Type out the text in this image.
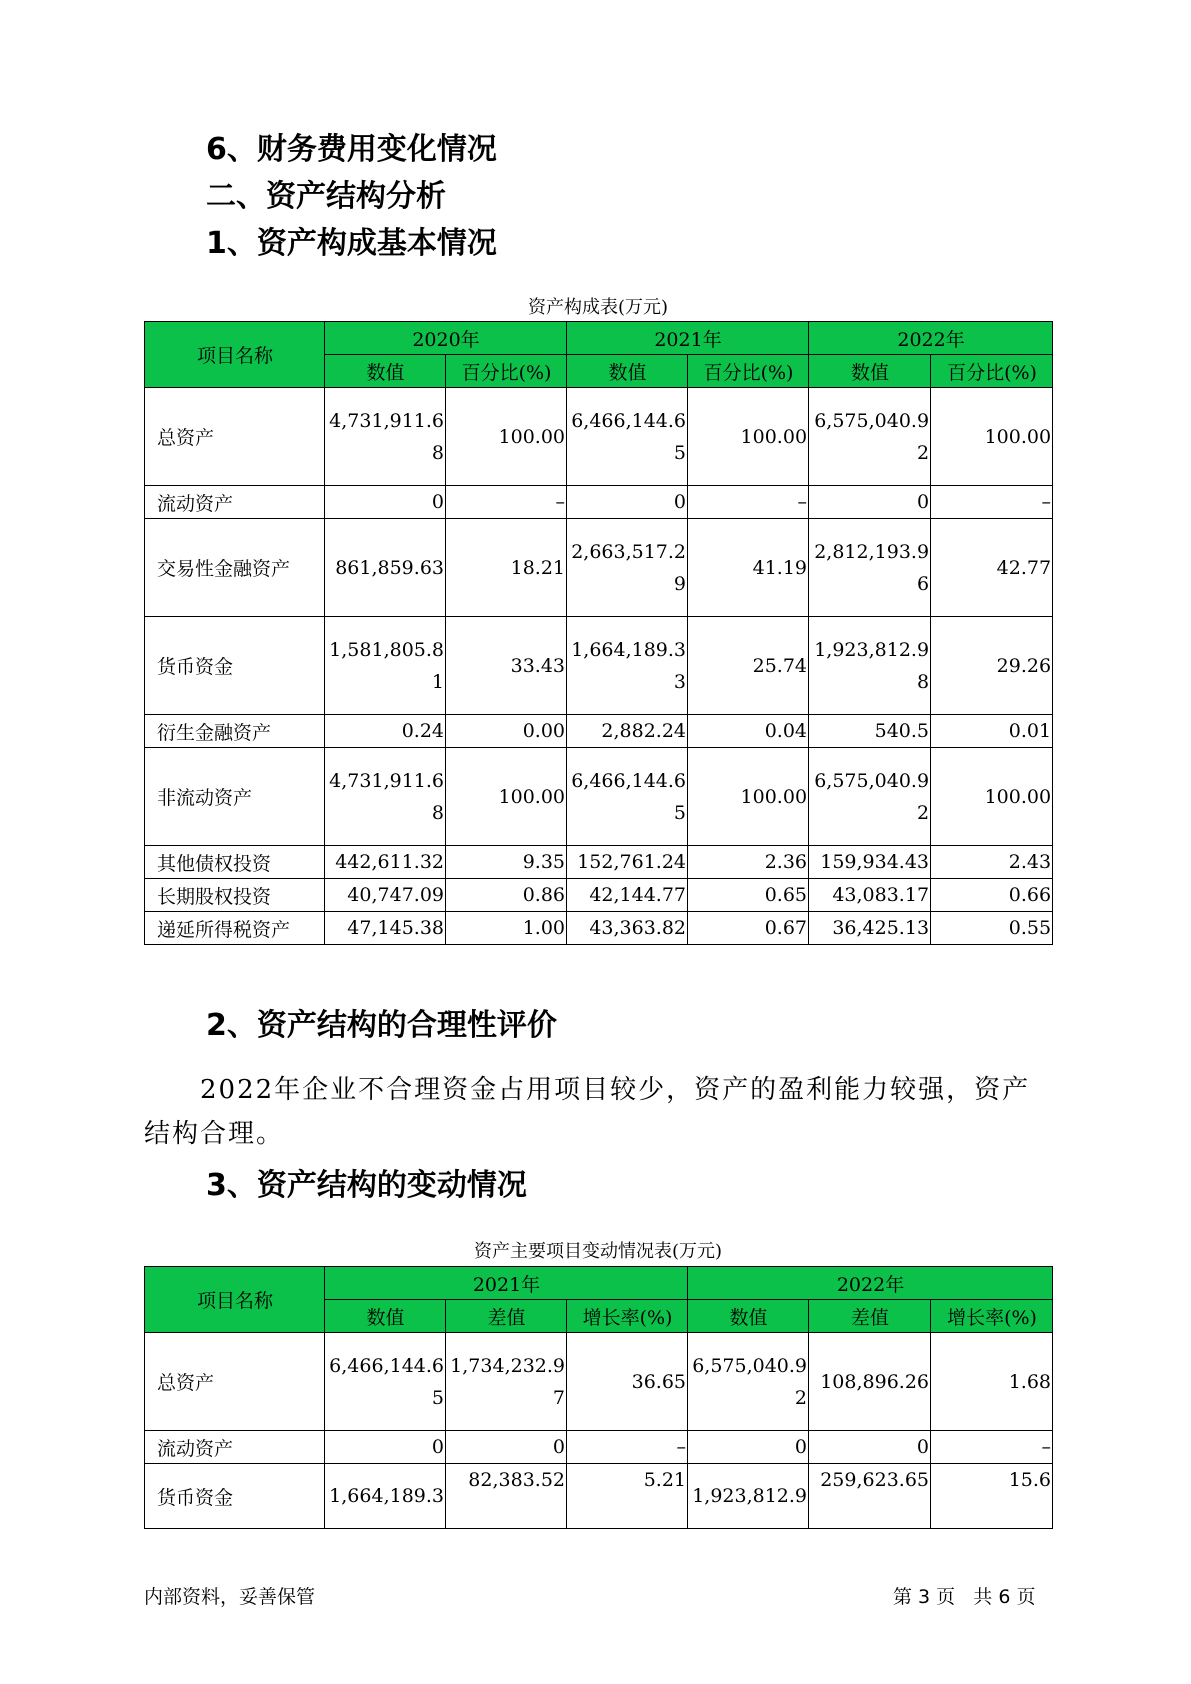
6、财务费用变化情况
二、资产结构分析
1、资产构成基本情况

资产构成表(万元)

项目名称	2020年		2021年		2022年	
	数值	百分比(%)	数值	百分比(%)	数值	百分比(%)
总资产	4,731,911.68	100.00	6,466,144.65	100.00	6,575,040.92	100.00

流动资产	0	–	0	–	0	–

交易性金融资产	861,859.63	18.21	2,663,517.29	41.19	2,812,193.96	42.77

货币资金	1,581,805.81	33.43	1,664,189.33	25.74	1,923,812.98	29.26

衍生金融资产	0.24	0.00	2,882.24	0.04	540.5	0.01

非流动资产	4,731,911.68	100.00	6,466,144.65	100.00	6,575,040.92	100.00

其他债权投资	442,611.32	9.35	152,761.24	2.36	159,934.43	2.43

长期股权投资	40,747.09	0.86	42,144.77	0.65	43,083.17	0.66

递延所得税资产	47,145.38	1.00	43,363.82	0.67	36,425.13	0.55
2、资产结构的合理性评价

2022年企业不合理资金占用项目较少，资产的盈利能力较强，资产结构合理。

3、资产结构的变动情况

资产主要项目变动情况表(万元)

项目名称	2021年			2022年		
	数值	差值	增长率(%)	数值	差值	增长率(%)
总资产	6,466,144.65	1,734,232.97	36.65	6,575,040.92	108,896.26	1.68

流动资产	0	0	–	0	0	–

货币资金	1,664,189.3	82,383.52	5.21	1,923,812.9	259,623.65	15.6

内部资料，妥善保管	第 3 页   共 6 页
